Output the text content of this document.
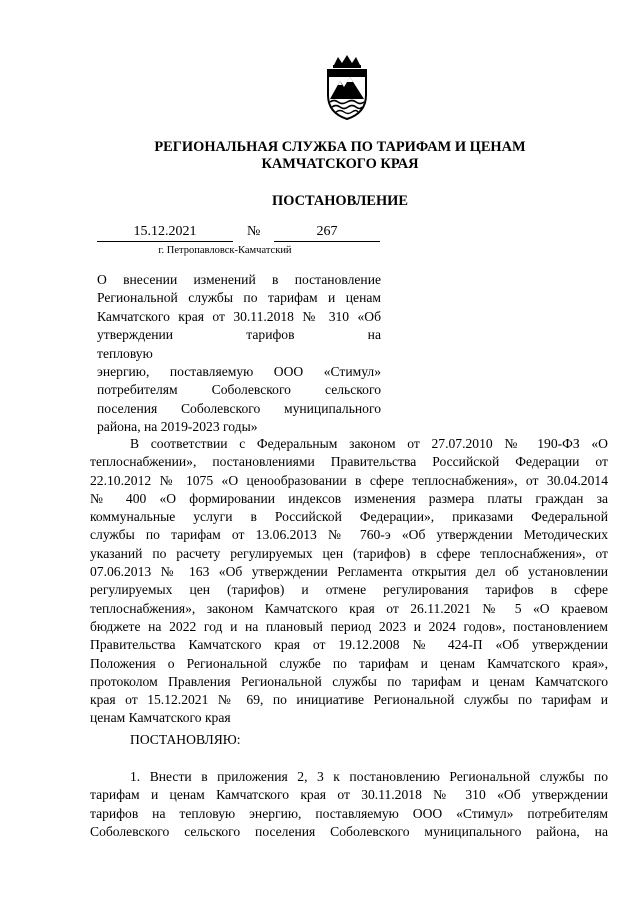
РЕГИОНАЛЬНАЯ СЛУЖБА ПО ТАРИФАМ И ЦЕНАМ
КАМЧАТСКОГО КРАЯ
ПОСТАНОВЛЕНИЕ
15.12.2021	№	267
г. Петропавловск-Камчатский
О внесении изменений в постановление
Региональной службы по тарифам и ценам
Камчатского края от 30.11.2018 № 310 «Об
утверждении тарифов на тепловую
энергию, поставляемую ООО «Стимул»
потребителям Соболевского сельского
поселения Соболевского муниципального
района, на 2019-2023 годы»
В соответствии с Федеральным законом от 27.07.2010 № 190-ФЗ «О
теплоснабжении», постановлениями Правительства Российской Федерации от
22.10.2012 № 1075 «О ценообразовании в сфере теплоснабжения», от 30.04.2014
№ 400 «О формировании индексов изменения размера платы граждан за
коммунальные услуги в Российской Федерации», приказами Федеральной
службы по тарифам от 13.06.2013 № 760-э «Об утверждении Методических
указаний по расчету регулируемых цен (тарифов) в сфере теплоснабжения», от
07.06.2013 № 163 «Об утверждении Регламента открытия дел об установлении
регулируемых цен (тарифов) и отмене регулирования тарифов в сфере
теплоснабжения», законом Камчатского края от 26.11.2021 № 5 «О краевом
бюджете на 2022 год и на плановый период 2023 и 2024 годов», постановлением
Правительства Камчатского края от 19.12.2008 № 424-П «Об утверждении
Положения о Региональной службе по тарифам и ценам Камчатского края»,
протоколом Правления Региональной службы по тарифам и ценам Камчатского
края от 15.12.2021 № 69, по инициативе Региональной службы по тарифам и
ценам Камчатского края
ПОСТАНОВЛЯЮ:
1. Внести в приложения 2, 3 к постановлению Региональной службы по
тарифам и ценам Камчатского края от 30.11.2018 № 310 «Об утверждении
тарифов на тепловую энергию, поставляемую ООО «Стимул» потребителям
Соболевского сельского поселения Соболевского муниципального района, на
